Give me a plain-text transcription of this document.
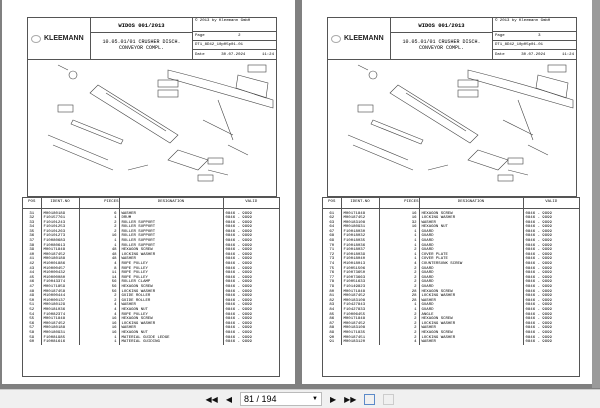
KLEEMANN
WIDOS 001/2013
10.05.01/01 CRUSHER DISCH. CONVEYOR COMPL.
© 2013 by Kleemann GmbH
Page	2
DT1_8D42_10p05p01-01
Date	30.07.2024	11:24
POS	IDENT-NO	PIECES	DESIGNATION	VALID
31	M00180189	6	WASHER	0846 - 9999
32	F10157761	1	DRUM	0846 - 9999
33	F10101243	2	ROLLER SUPPORT	0846 - 9999
34	F10101253	2	ROLLER SUPPORT	0846 - 9999
35	F10101263	2	ROLLER SUPPORT	0846 - 9999
36	F10101273	16	ROLLER SUPPORT	0846 - 9999
37	F10080683	1	ROLLER SUPPORT	0846 - 9999
38	F10080613	1	ROLLER SUPPORT	0846 - 9999
39	M00171848	48	HEXAGON SCREW	0846 - 9999
40	M00187452	48	LOCKING WASHER	0846 - 9999
41	M00180188	48	WASHER	0846 - 9999
42	M10001886	4	ROPE PULLEY	0846 - 9999
43	M10000457	8	ROPE PULLEY	0846 - 9999
44	M10000432	11	ROPE PULLEY	0846 - 9999
45	M10000080	14	ROPE PULLEY	0846 - 9999
46	F10043374	56	ROLLER CLAMP	0846 - 9999
47	M00171859	56	HEXAGON SCREW	0846 - 9999
48	M00187458	56	LOCKING WASHER	0846 - 9999
49	M10000444	2	GUIDE ROLLER	0846 - 9999
50	M10000137	2	GUIDE ROLLER	0846 - 9999
51	M00180129	4	WASHER	0846 - 9999
52	M00181036	4	HEXAGON NUT	0846 - 9999
54	F10082374	4	ROPE PULLEY	0846 - 9999
55	M00171848	16	HEXAGON SCREW	0846 - 9999
56	M00187452	16	LOCKING WASHER	0846 - 9999
57	M00180188	16	WASHER	0846 - 9999
58	M00180931	16	HEXAGON NUT	0846 - 9999
59	F10081985	1	MATERIAL GUIDE LEDGE	0846 - 9999
60	F10081616	1	MATERIAL GUIDING	0846 - 9999
KLEEMANN
WIDOS 001/2013
10.05.01/01 CRUSHER DISCH. CONVEYOR COMPL.
© 2013 by Kleemann GmbH
Page	3
DT1_8D42_10p05p01-01
Date	30.07.2024	11:24
POS	IDENT-NO	PIECES	DESIGNATION	VALID
61	M00171848	16	HEXAGON SCREW	0846 - 9999
62	M00187452	16	LOCKING WASHER	0846 - 9999
63	M00183108	32	WASHER	0846 - 9999
64	M00180931	16	HEXAGON NUT	0846 - 9999
67	F10018030	1	GUARD	0846 - 9999
68	F10018032	1	GUARD	0846 - 9999
69	F10018035	1	GUARD	0846 - 9999
70	F10018036	1	GUARD	0846 - 9999
71	F10018037	2	GUARD	0846 - 9999
72	F10018039	1	COVER PLATE	0846 - 9999
73	F10018040	1	COVER PLATE	0846 - 9999
74	M10018013	4	COUNTERSUNK SCREW	0846 - 9999
75	F10051506	2	GUARD	0846 - 9999
76	F10073650	2	GUARD	0846 - 9999
77	F10073663	2	GUARD	0846 - 9999
78	F10051633	2	GUARD	0846 - 9999
79	F10149823	2	GUARD	0846 - 9999
80	M00171848	28	HEXAGON SCREW	0846 - 9999
81	M00187452	28	LOCKING WASHER	0846 - 9999
82	M00183108	28	WASHER	0846 - 9999
83	F10427843	1	GUARD	0846 - 9999
84	F10427833	1	GUARD	0846 - 9999
85	F10006455	2	ANGLE	0846 - 9999
86	M00171848	2	HEXAGON SCREW	0846 - 9999
87	M00187452	2	LOCKING WASHER	0846 - 9999
88	M00183108	2	WASHER	0846 - 9999
89	M00171835	2	HEXAGON SCREW	0846 - 9999
90	M00187451	2	LOCKING WASHER	0846 - 9999
91	M00183120	4	WASHER	0846 - 9999
◀◀ ◀ 81 / 194	▼ ▶ ▶▶
